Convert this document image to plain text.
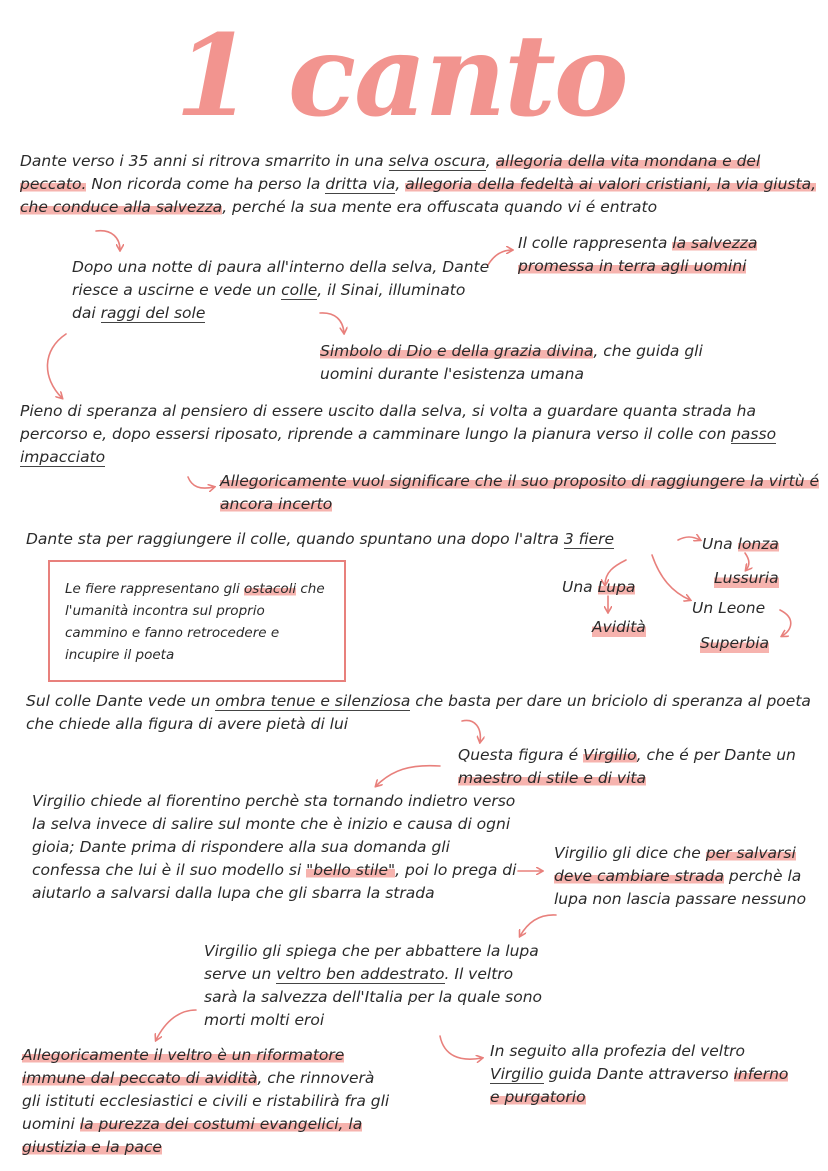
1 canto

Dante verso i 35 anni si ritrova smarrito in una selva oscura, allegoria della vita mondana e del peccato. Non ricorda come ha perso la dritta via, allegoria della fedeltà ai valori cristiani, la via giusta, che conduce alla salvezza, perché la sua mente era offuscata quando vi é entrato

Dopo una notte di paura all'interno della selva, Dante riesce a uscirne e vede un colle, il Sinai, illuminato dai raggi del sole

Il colle rappresenta la salvezza promessa in terra agli uomini

Simbolo di Dio e della grazia divina, che guida gli uomini durante l'esistenza umana

Pieno di speranza al pensiero di essere uscito dalla selva, si volta a guardare quanta strada ha percorso e, dopo essersi riposato, riprende a camminare lungo la pianura verso il colle con passo impacciato

Allegoricamente vuol significare che il suo proposito di raggiungere la virtù é ancora incerto

Dante sta per raggiungere il colle, quando spuntano una dopo l'altra 3 fiere	Una lonza
Lussuria
Una Lupa
Avidità
Un Leone
Superbia
Le fiere rappresentano gli ostacoli che l'umanità incontra sul proprio cammino e fanno retrocedere e incupire il poeta

Sul colle Dante vede un ombra tenue e silenziosa che basta per dare un briciolo di speranza al poeta che chiede alla figura di avere pietà di lui

Questa figura é Virgilio, che é per Dante un maestro di stile e di vita

Virgilio chiede al fiorentino perchè sta tornando indietro verso la selva invece di salire sul monte che è inizio e causa di ogni gioia; Dante prima di rispondere alla sua domanda gli confessa che lui è il suo modello si "bello stile", poi lo prega di aiutarlo a salvarsi dalla lupa che gli sbarra la strada

Virgilio gli dice che per salvarsi deve cambiare strada perchè la lupa non lascia passare nessuno

Virgilio gli spiega che per abbattere la lupa serve un veltro ben addestrato. Il veltro sarà la salvezza dell'Italia per la quale sono morti molti eroi

Allegoricamente il veltro è un riformatore immune dal peccato di avidità, che rinnoverà gli istituti ecclesiastici e civili e ristabilirà fra gli uomini la purezza dei costumi evangelici, la giustizia e la pace

In seguito alla profezia del veltro Virgilio guida Dante attraverso inferno e purgatorio
